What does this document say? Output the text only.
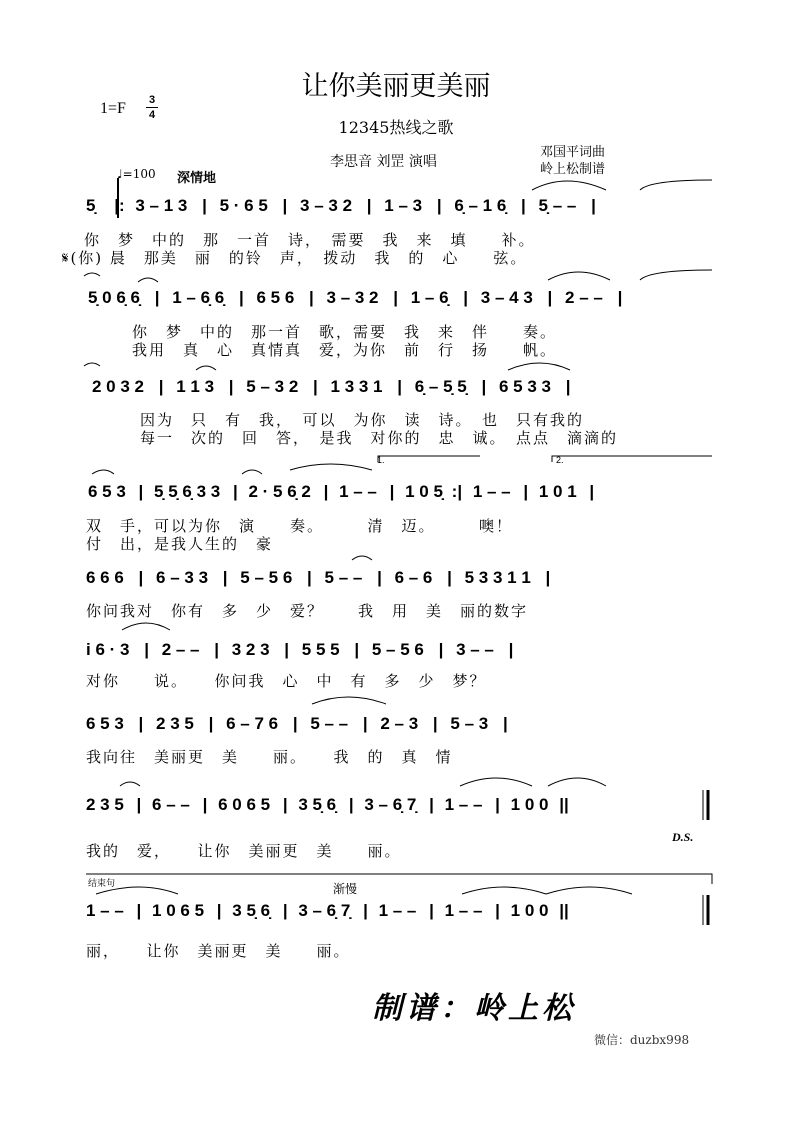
让你美丽更美丽
12345热线之歌
1=F 3
4
李思音 刘罡 演唱
邓国平词曲
岭上松制谱
♩=100 深情地
5̣ |: 3 – 1 3 | 5 · 6 5 | 3 – 3 2 | 1 – 3 | 6̣ – 1 6̣ | 5̣ – – |
你　梦　中的　那　一首　诗，　需要　我　来　填　　补。
𝄋(你) 晨　那美　丽　的铃　声，　拨动　我　的　心　　弦。
5̣ 0 6̣ 6̣ | 1 – 6̣ 6̣ | 6 5 6 | 3 – 3 2 | 1 – 6̣ | 3 – 4 3 | 2 – – |
你　梦　中的　那一首　歌，需要　我　来　伴　　奏。
我用　真　心　真情真　爱，为你　前　行　扬　　帆。
2 0 3 2 | 1 1 3 | 5 – 3 2 | 1 3 3 1 | 6̣ – 5̣ 5̣ | 6 5 3 3 |
因为　只　有　我，　可以　为你　读　诗。　也　只有我的
每一　次的　回　答，　是我　对你的　忠　诚。　点点　滴滴的
1.	2.
6 5 3 | 5̣ 5̣ 6̣ 3 3 | 2 · 5 6̣ 2 | 1 – – | 1 0 5̣ :| 1 – – | 1 0 1 |
双　手，可以为你　演　　奏。　　　清　迈。　　　噢！
付　出，是我人生的　豪
6 6 6 | 6 – 3 3 | 5 – 5 6 | 5 – – | 6 – 6 | 5 3 3 1 1 |
你问我对　你有　多　少　爱？　　我　用　美　丽的数字
i 6 · 3 | 2 – – | 3 2 3 | 5 5 5 | 5 – 5 6 | 3 – – |
对你　　说。　　你问我　心　中　有　多　少　梦？
6 5 3 | 2 3 5 | 6 – 7 6 | 5 – – | 2 – 3 | 5 – 3 |
我向往　美丽更　美　　丽。　　我　的　真　情
2 3 5 | 6 – – | 6 0 6 5 | 3 5̣ 6̣ | 3 – 6̣ 7̣ | 1 – – | 1 0 0 ||
D.S.
我的　爱，　　让你　美丽更　美　　丽。
结束句	渐慢
1 – – | 1 0 6 5 | 3 5̣ 6̣ | 3 – 6̣ 7̣ | 1 – – | 1 – – | 1 0 0 ||
丽，　　让你　美丽更　美　　丽。
制谱：岭上松
微信：duzbx998
